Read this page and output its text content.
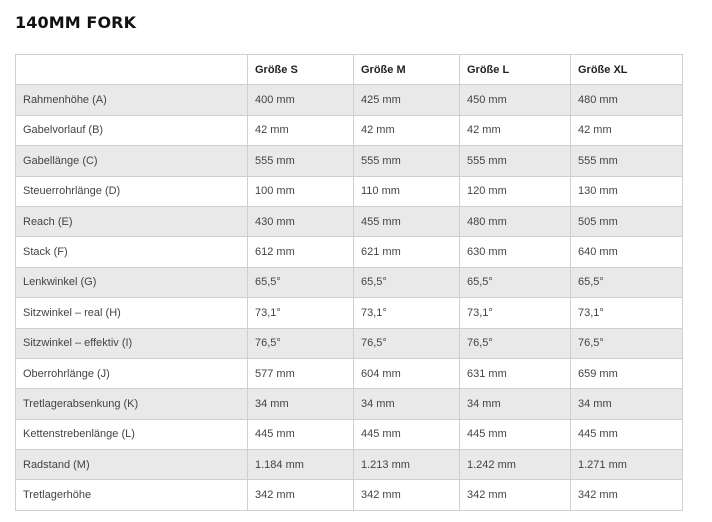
140MM FORK
	Größe S	Größe M	Größe L	Größe XL
Rahmenhöhe (A)	400 mm	425 mm	450 mm	480 mm
Gabelvorlauf (B)	42 mm	42 mm	42 mm	42 mm
Gabellänge (C)	555 mm	555 mm	555 mm	555 mm
Steuerrohrlänge (D)	100 mm	110 mm	120 mm	130 mm
Reach (E)	430 mm	455 mm	480 mm	505 mm
Stack (F)	612 mm	621 mm	630 mm	640 mm
Lenkwinkel (G)	65,5°	65,5°	65,5°	65,5°
Sitzwinkel – real (H)	73,1°	73,1°	73,1°	73,1°
Sitzwinkel – effektiv (I)	76,5°	76,5°	76,5°	76,5°
Oberrohrlänge (J)	577 mm	604 mm	631 mm	659 mm
Tretlagerabsenkung (K)	34 mm	34 mm	34 mm	34 mm
Kettenstrebenlänge (L)	445 mm	445 mm	445 mm	445 mm
Radstand (M)	1.184 mm	1.213 mm	1.242 mm	1.271 mm
Tretlagerhöhe	342 mm	342 mm	342 mm	342 mm
